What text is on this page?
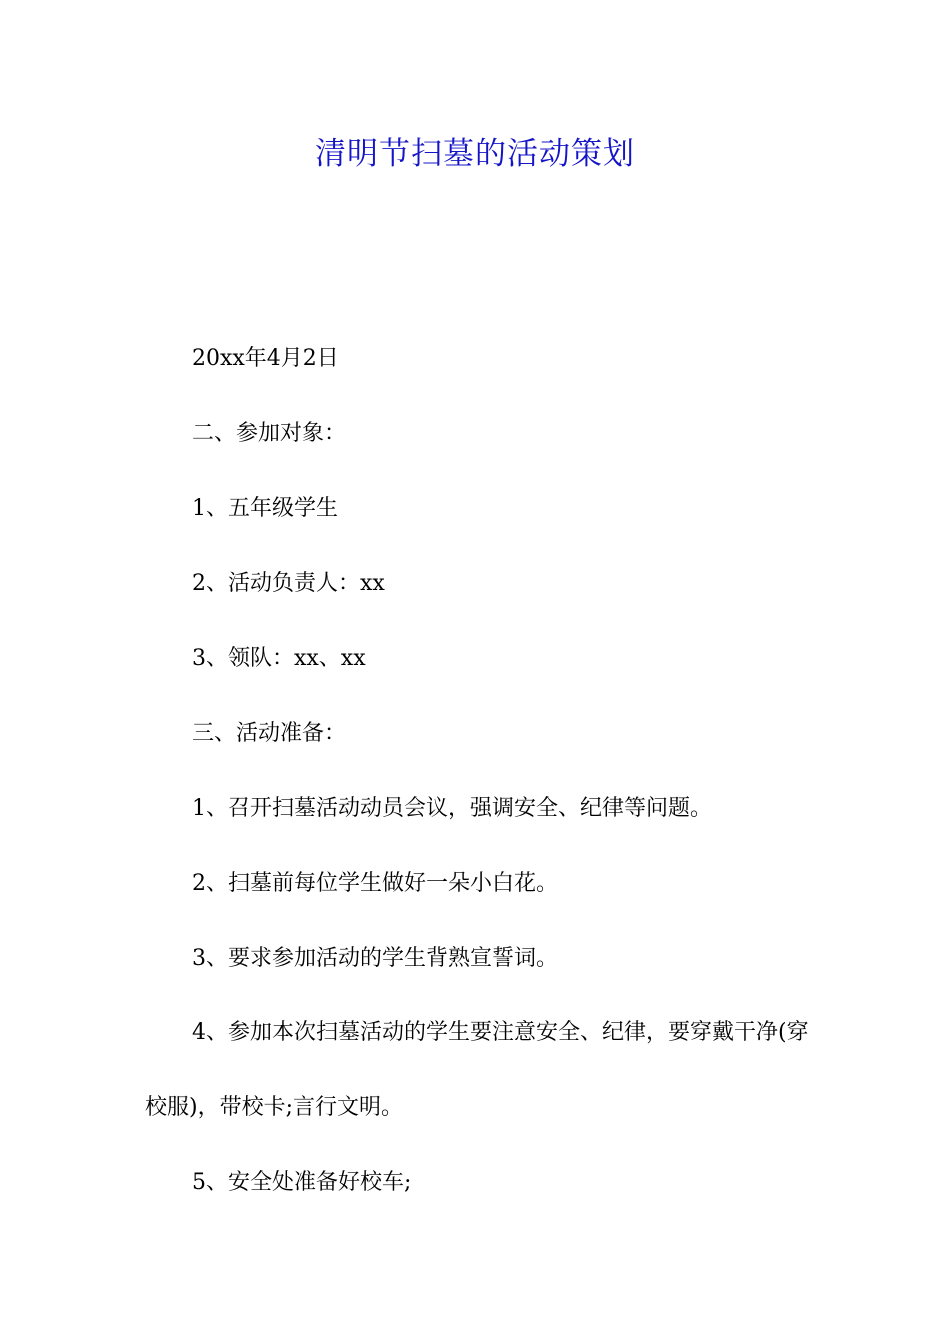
清明节扫墓的活动策划

20xx年4月2日

二、参加对象：

1、五年级学生

2、活动负责人：xx

3、领队：xx、xx

三、活动准备：

1、召开扫墓活动动员会议，强调安全、纪律等问题。

2、扫墓前每位学生做好一朵小白花。

3、要求参加活动的学生背熟宣誓词。

4、参加本次扫墓活动的学生要注意安全、纪律，要穿戴干净(穿校服)，带校卡;言行文明。

5、安全处准备好校车;
